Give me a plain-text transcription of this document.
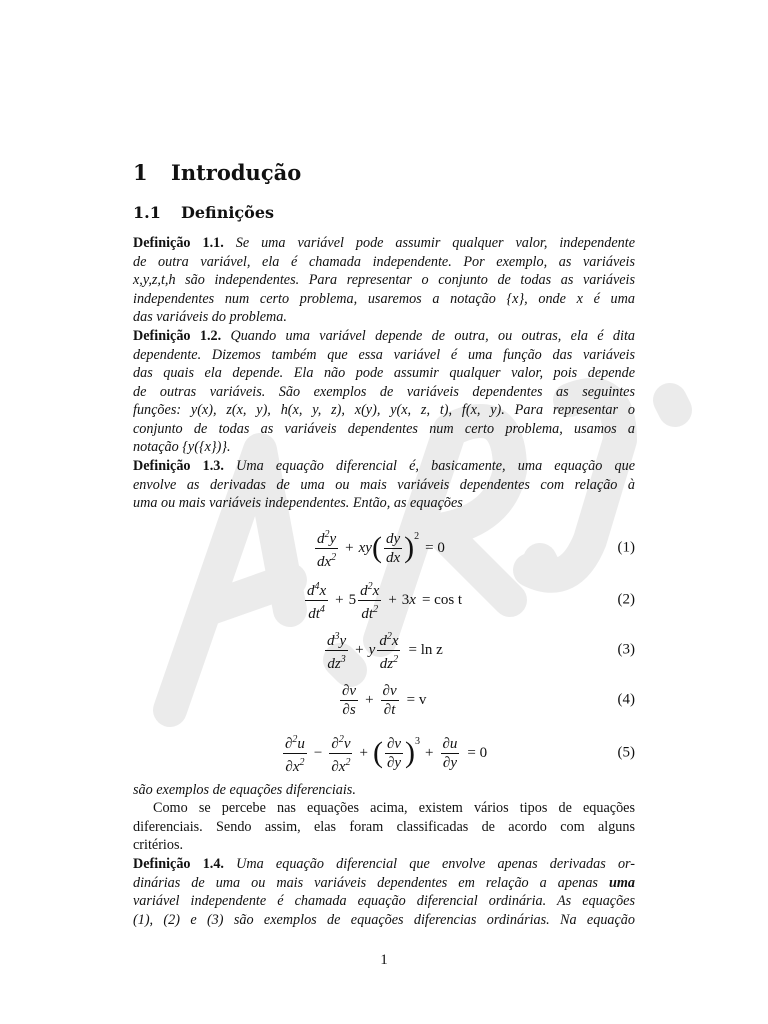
1 Introdução
1.1 Definições
Definição 1.1. Se uma variável pode assumir qualquer valor, independente
de outra variável, ela é chamada independente. Por exemplo, as variáveis
x,y,z,t,h são independentes. Para representar o conjunto de todas as variáveis
independentes num certo problema, usaremos a notação {x}, onde x é uma
das variáveis do problema.
Definição 1.2. Quando uma variável depende de outra, ou outras, ela é dita
dependente. Dizemos também que essa variável é uma função das variáveis
das quais ela depende. Ela não pode assumir qualquer valor, pois depende
de outras variáveis. São exemplos de variáveis dependentes as seguintes
funções: y(x), z(x, y), h(x, y, z), x(y), y(x, z, t), f(x, y). Para representar o
conjunto de todas as variáveis dependentes num certo problema, usamos a
notação {y({x})}.
Definição 1.3. Uma equação diferencial é, basicamente, uma equação que
envolve as derivadas de uma ou mais variáveis dependentes com relação à
uma ou mais variáveis independentes. Então, as equações
$\frac{d^2y}{dx^2}$ + xy ( $\frac{dy}{dx} )^2$
= 0	(1)
$\frac{d^4x}{dt^4} + 5 \frac{d^2x}{dt^2} + 3$ x = cos t	(2)
$\frac{d^3y}{dz^3} + y \frac{d^2x}{dz^2} = \ln z$	(3)
$\frac{\partial v}{\partial s} + \frac{\partial v}{\partial t} = v$	(4)
$\frac{\partial^2u}{\partial x^2} - \frac{\partial^2v}{\partial x^2}$ + ( $\frac{\partial v}{\partial y} )^3$
+ $\frac{\partial u}{\partial y} = 0$	(5)
são exemplos de equações diferenciais.
Como se percebe nas equações acima, existem vários tipos de equações
diferenciais. Sendo assim, elas foram classificadas de acordo com alguns
critérios.
Definição 1.4. Uma equação diferencial que envolve apenas derivadas or-
dinárias de uma ou mais variáveis dependentes em relação a apenas uma
variável independente é chamada equação diferencial ordinária. As equações
(1), (2) e (3) são exemplos de equações diferencias ordinárias. Na equação
1
